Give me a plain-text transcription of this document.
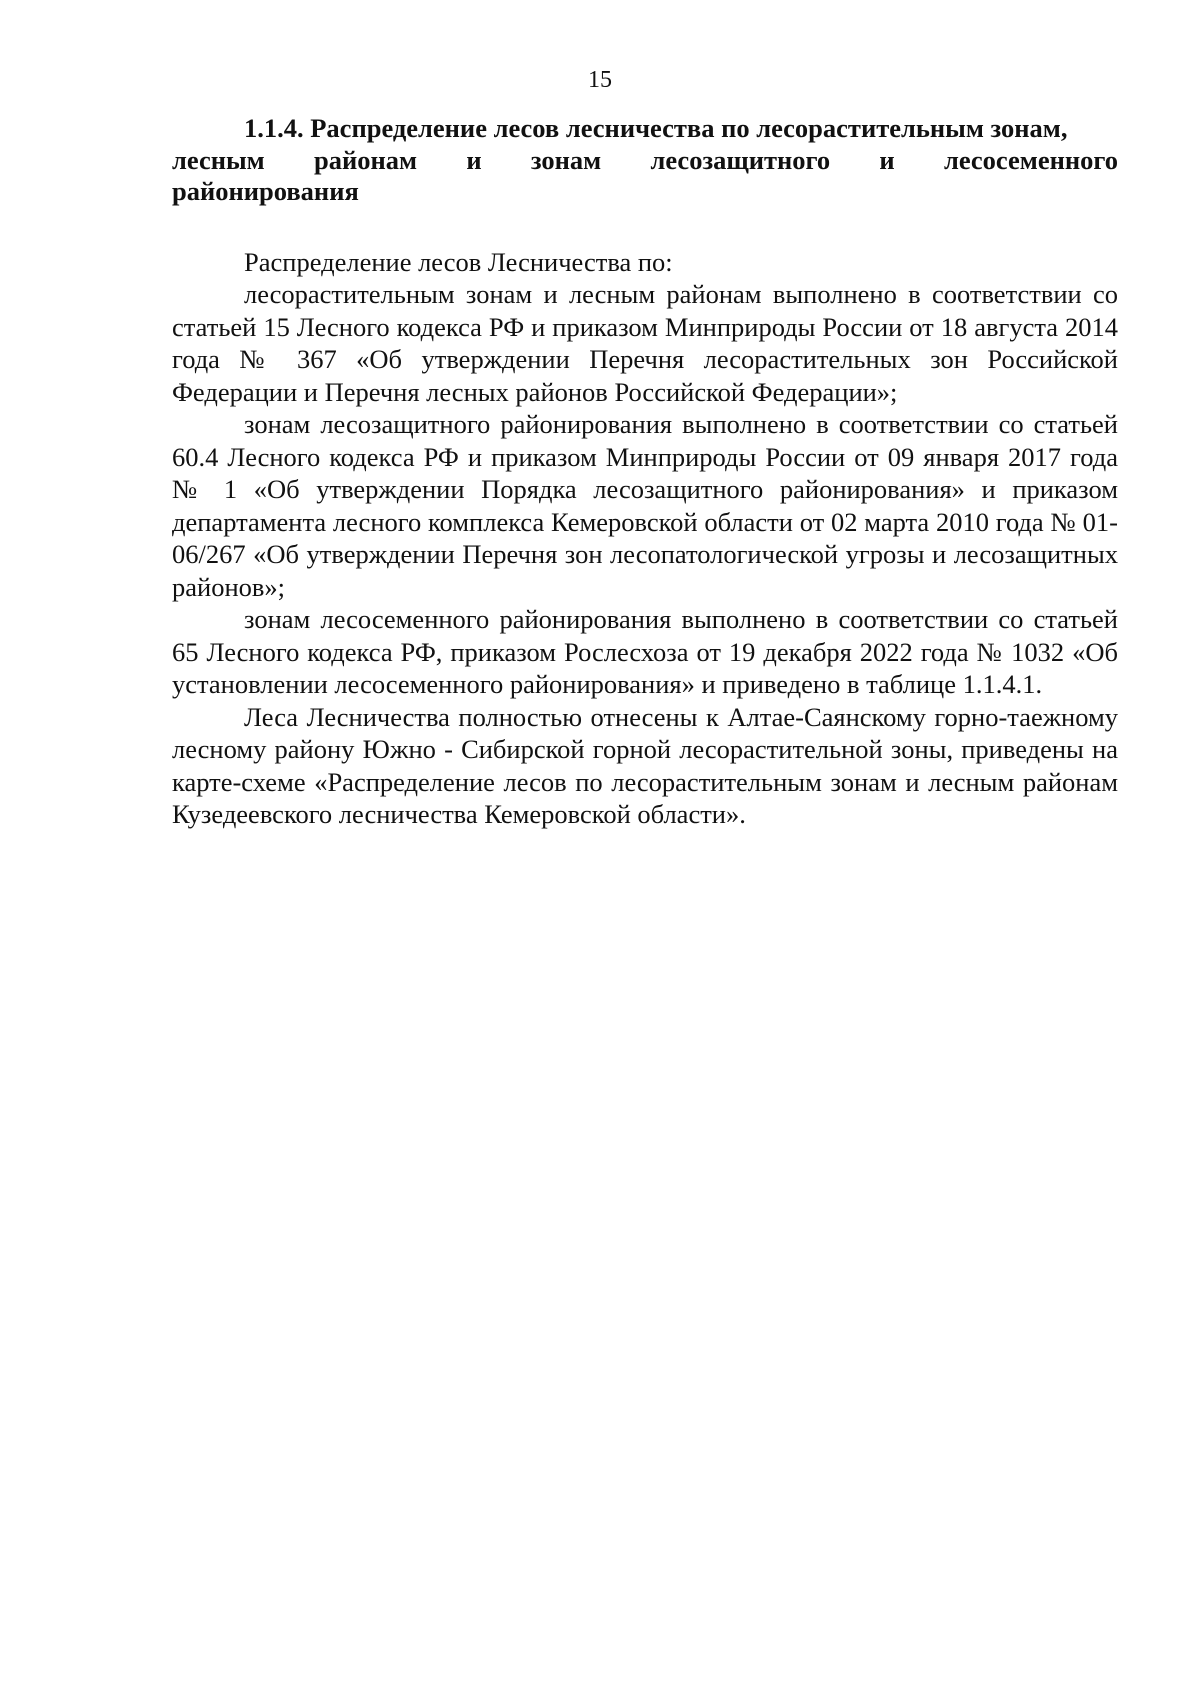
15
1.1.4. Распределение лесов лесничества по лесорастительным зонам,
лесным районам и зонам лесозащитного и лесосеменного
районирования

Распределение лесов Лесничества по:

лесорастительным зонам и лесным районам выполнено в соответствии со статьей 15 Лесного кодекса РФ и приказом Минприроды России от 18 августа 2014 года № 367 «Об утверждении Перечня лесорастительных зон Российской Федерации и Перечня лесных районов Российской Федерации»;

зонам лесозащитного районирования выполнено в соответствии со статьей 60.4 Лесного кодекса РФ и приказом Минприроды России от 09 января 2017 года № 1 «Об утверждении Порядка лесозащитного районирования» и приказом департамента лесного комплекса Кемеровской области от 02 марта 2010 года № 01-06/267 «Об утверждении Перечня зон лесопатологической угрозы и лесозащитных районов»;

зонам лесосеменного районирования выполнено в соответствии со статьей 65 Лесного кодекса РФ, приказом Рослесхоза от 19 декабря 2022 года № 1032 «Об установлении лесосеменного районирования» и приведено в таблице 1.1.4.1.

Леса Лесничества полностью отнесены к Алтае-Саянскому горно-таежному лесному району Южно - Сибирской горной лесорастительной зоны, приведены на карте-схеме «Распределение лесов по лесорастительным зонам и лесным районам Кузедеевского лесничества Кемеровской области».
